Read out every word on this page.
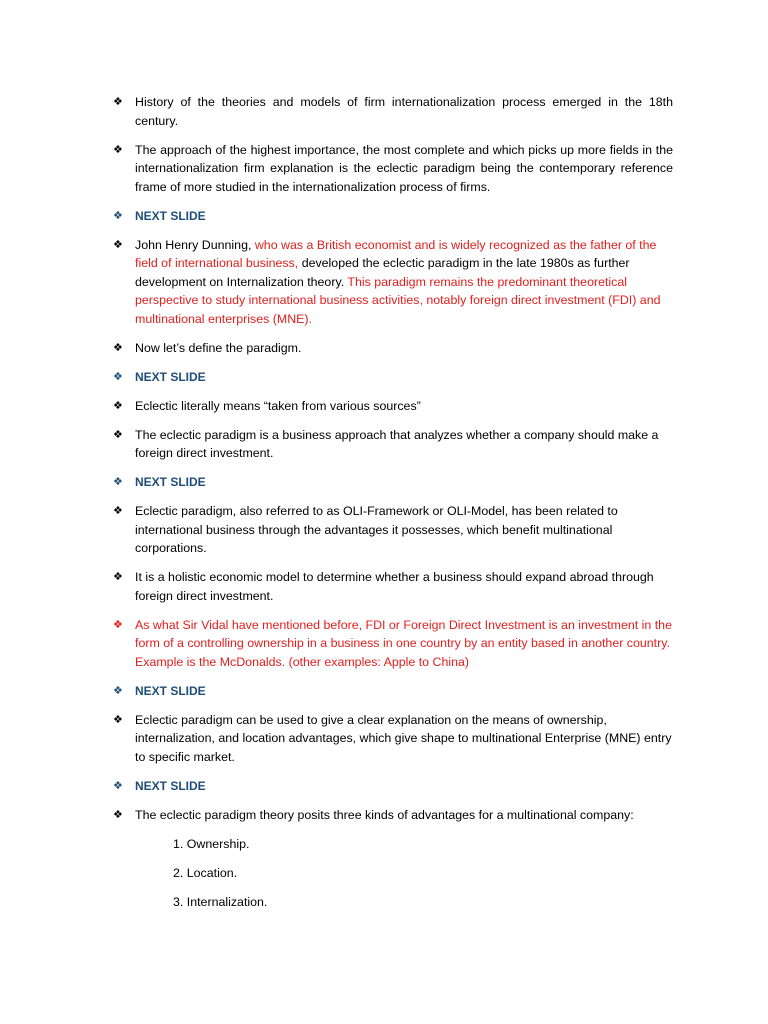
❖ History of the theories and models of firm internationalization process emerged in the 18th century.
❖ The approach of the highest importance, the most complete and which picks up more fields in the internationalization firm explanation is the eclectic paradigm being the contemporary reference frame of more studied in the internationalization process of firms.
❖ NEXT SLIDE
❖ John Henry Dunning, who was a British economist and is widely recognized as the father of the field of international business, developed the eclectic paradigm in the late 1980s as further development on Internalization theory. This paradigm remains the predominant theoretical perspective to study international business activities, notably foreign direct investment (FDI) and multinational enterprises (MNE).
❖ Now let’s define the paradigm.
❖ NEXT SLIDE
❖ Eclectic literally means “taken from various sources”
❖ The eclectic paradigm is a business approach that analyzes whether a company should make a foreign direct investment.
❖ NEXT SLIDE
❖ Eclectic paradigm, also referred to as OLI-Framework or OLI-Model, has been related to international business through the advantages it possesses, which benefit multinational corporations.
❖ It is a holistic economic model to determine whether a business should expand abroad through foreign direct investment.
❖ As what Sir Vidal have mentioned before, FDI or Foreign Direct Investment is an investment in the form of a controlling ownership in a business in one country by an entity based in another country. Example is the McDonalds. (other examples: Apple to China)
❖ NEXT SLIDE
❖ Eclectic paradigm can be used to give a clear explanation on the means of ownership, internalization, and location advantages, which give shape to multinational Enterprise (MNE) entry to specific market.
❖ NEXT SLIDE
❖ The eclectic paradigm theory posits three kinds of advantages for a multinational company:
1. Ownership.
2. Location.
3. Internalization.
